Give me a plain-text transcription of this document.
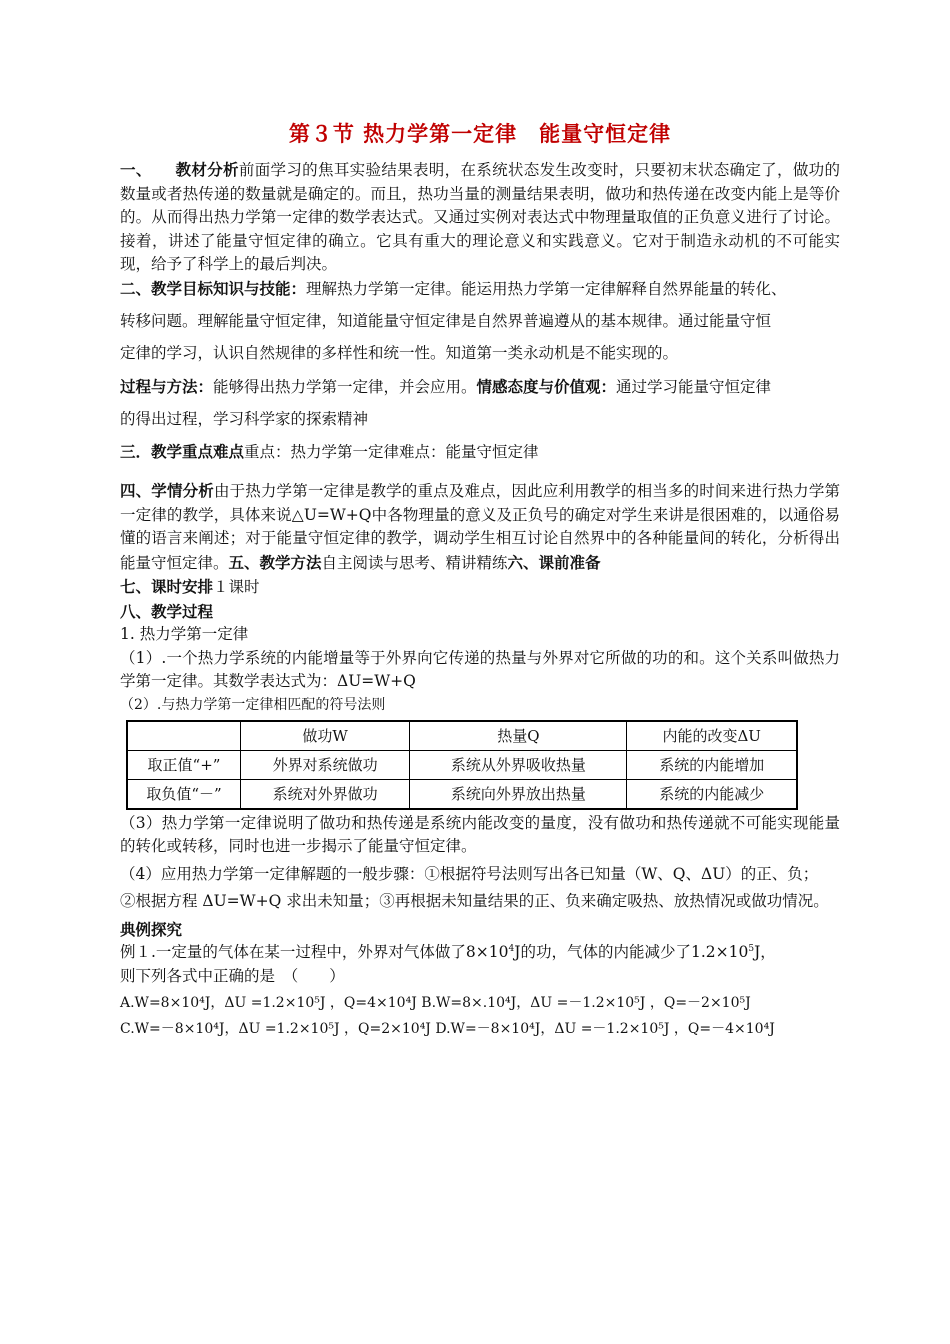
第３节 热力学第一定律　能量守恒定律

一、　　教材分析前面学习的焦耳实验结果表明，在系统状态发生改变时，只要初末状态确定了，做功的数量或者热传递的数量就是确定的。而且，热功当量的测量结果表明，做功和热传递在改变内能上是等价的。从而得出热力学第一定律的数学表达式。又通过实例对表达式中物理量取值的正负意义进行了讨论。接着，讲述了能量守恒定律的确立。它具有重大的理论意义和实践意义。它对于制造永动机的不可能实现，给予了科学上的最后判决。

二、教学目标知识与技能：理解热力学第一定律。能运用热力学第一定律解释自然界能量的转化、

转移问题。理解能量守恒定律，知道能量守恒定律是自然界普遍遵从的基本规律。通过能量守恒

定律的学习，认识自然规律的多样性和统一性。知道第一类永动机是不能实现的。

过程与方法：能够得出热力学第一定律，并会应用。情感态度与价值观：通过学习能量守恒定律

的得出过程，学习科学家的探索精神

三．教学重点难点重点：热力学第一定律难点：能量守恒定律

四、学情分析由于热力学第一定律是教学的重点及难点，因此应利用教学的相当多的时间来进行热力学第一定律的教学，具体来说△U=W+Q中各物理量的意义及正负号的确定对学生来讲是很困难的，以通俗易懂的语言来阐述；对于能量守恒定律的教学，调动学生相互讨论自然界中的各种能量间的转化，分析得出能量守恒定律。五、教学方法自主阅读与思考、精讲精练六、课前准备

七、课时安排１课时

八、教学过程

1. 热力学第一定律

（1）.一个热力学系统的内能增量等于外界向它传递的热量与外界对它所做的功的和。这个关系叫做热力学第一定律。其数学表达式为：ΔU=W+Q

（2）.与热力学第一定律相匹配的符号法则

	做功W	热量Q	内能的改变ΔU
取正值“+”	外界对系统做功	系统从外界吸收热量	系统的内能增加
取负值“－”	系统对外界做功	系统向外界放出热量	系统的内能减少

（3）热力学第一定律说明了做功和热传递是系统内能改变的量度，没有做功和热传递就不可能实现能量的转化或转移，同时也进一步揭示了能量守恒定律。

（4）应用热力学第一定律解题的一般步骤：①根据符号法则写出各已知量（W、Q、ΔU）的正、负；

②根据方程 ΔU=W+Q 求出未知量；③再根据未知量结果的正、负来确定吸热、放热情况或做功情况。

典例探究

例１.一定量的气体在某一过程中，外界对气体做了$8\times 10^4J$的功，气体的内能减少了$1.2\times 10^5J$，
则下列各式中正确的是　（　　）

A.W=8×10⁴J，ΔU =1.2×10⁵J ，Q=4×10⁴J B.W=8×.10⁴J，ΔU =－1.2×10⁵J ，Q=－2×10⁵J

C.W=－8×10⁴J，ΔU =1.2×10⁵J ，Q=2×10⁴J D.W=－8×10⁴J，ΔU =－1.2×10⁵J ，Q=－4×10⁴J
